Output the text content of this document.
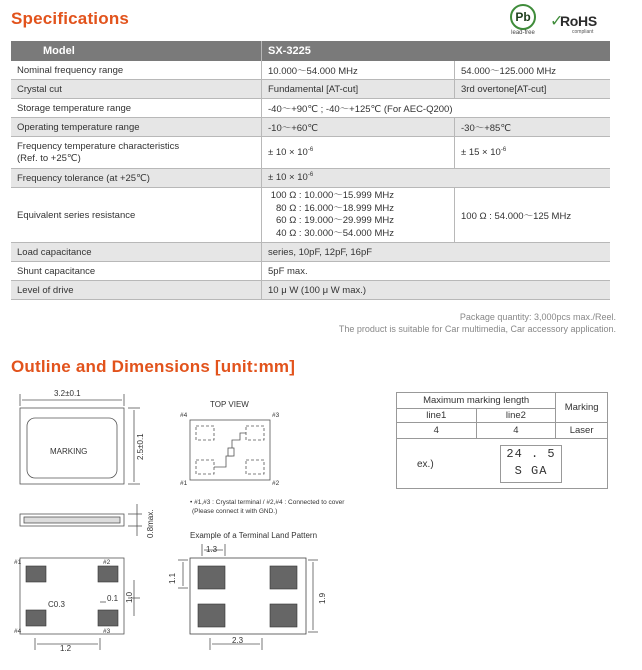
Specifications
Outline and Dimensions [unit:mm]
Pb
lead-free
✓
RoHS
compliant
Model	SX-3225	
Nominal frequency range	10.000～54.000 MHz	54.000～125.000 MHz
Crystal cut	Fundamental [AT-cut]	3rd overtone[AT-cut]
Storage temperature range	-40～+90℃ ; -40～+125℃ (For AEC-Q200)	
Operating temperature range	-10～+60℃	-30～+85℃

Frequency temperature characteristics
(Ref. to +25℃)	± $10 \times 10^{-6}$	± $15 \times 10^{-6}$
Frequency tolerance (at +25℃)	± $10 \times 10^{-6}$
Equivalent series resistance	100 Ω : 10.000～15.999 MHz
80 Ω : 16.000～18.999 MHz
60 Ω : 19.000～29.999 MHz
40 Ω : 30.000～54.000 MHz	100 Ω : 54.000～125 MHz
Load capacitance	series, 10pF, 12pF, 16pF	
Shunt capacitance	5pF max.	
Level of drive	10 μ W (100 μ W max.)	
Package quantity: 3,000pcs max./Reel.
The product is suitable for Car multimedia, Car accessory application.
3.2±0.1
2.5±0.1
MARKING
0.8max.
TOP VIEW
#4	#3
#1	#2
• #1,#3 : Crystal terminal / #2,#4 : Connected to cover
(Please connect it with GND.)
Example of a Terminal Land Pattern
#1	#2
#4	#3
C0.3
0.1 1.0
1.2
1.3
1.1
1.9
2.3
Maximum marking length		Marking
line1	line2	
4	4	Laser

ex.)
24 . 5
S GA		
